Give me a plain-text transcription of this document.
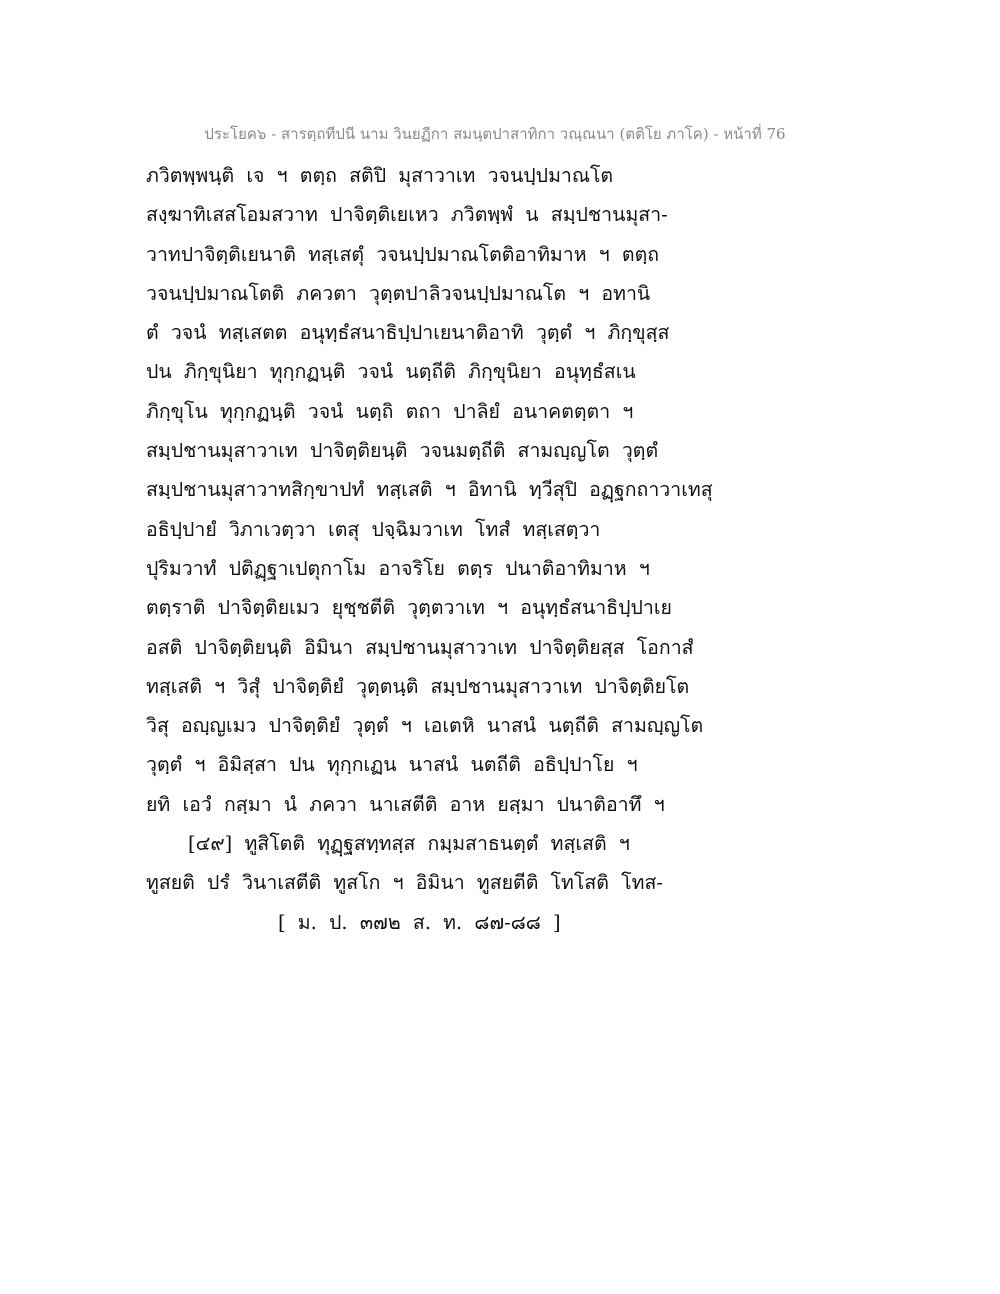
ประโยค๖ - สารตฺถทีปนี นาม วินยฏีกา สมนฺตปาสาทิกา วณฺณนา (ตติโย ภาโค) - หน้าที่ 76
ภวิตพฺพนฺติ เจ ฯ ตตฺถ สติปิ มุสาวาเท วจนปฺปมาณโต
สงฺฆาทิเสสโอมสวาท ปาจิตฺติเยเหว ภวิตพฺพํ น สมฺปชานมุสา-
วาทปาจิตฺติเยนาติ ทสฺเสตุํ วจนปฺปมาณโตติอาทิมาห ฯ ตตฺถ
วจนปฺปมาณโตติ ภควตา วุตฺตปาลิวจนปฺปมาณโต ฯ อทานิ
ตํ วจนํ ทสฺเสตต อนุทฺธํสนาธิปฺปาเยนาติอาทิ วุตฺตํ ฯ ภิกฺขุสฺส
ปน ภิกฺขุนิยา ทุกฺกฏนฺติ วจนํ นตฺถีติ ภิกฺขุนิยา อนุทฺธํสเน
ภิกฺขุโน ทุกฺกฏนฺติ วจนํ นตฺถิ ตถา ปาลิยํ อนาคตตฺตา ฯ
สมฺปชานมุสาวาเท ปาจิตฺติยนฺติ วจนมตฺถีติ สามญฺญโต วุตฺตํ
สมฺปชานมุสาวาทสิกฺขาปทํ ทสฺเสติ ฯ อิทานิ ทฺวีสุปิ อฏฺฐกถาวาเทสุ
อธิปฺปายํ วิภาเวตฺวา เตสุ ปจฺฉิมวาเท โทสํ ทสฺเสตฺวา
ปุริมวาทํ ปติฏฺฐาเปตุกาโม อาจริโย ตตฺร ปนาติอาทิมาห ฯ
ตตฺราติ ปาจิตฺติยเมว ยุชฺชตีติ วุตฺตวาเท ฯ อนุทฺธํสนาธิปฺปาเย
อสติ ปาจิตฺติยนฺติ อิมินา สมฺปชานมุสาวาเท ปาจิตฺติยสฺส โอกาสํ
ทสฺเสติ ฯ วิสุํ ปาจิตฺติยํ วุตฺตนฺติ สมฺปชานมุสาวาเท ปาจิตฺติยโต
วิสุ อญฺญเมว ปาจิตฺติยํ วุตฺตํ ฯ เอเตหิ นาสนํ นตฺถีติ สามญฺญโต
วุตฺตํ ฯ อิมิสฺสา ปน ทุกฺกเฏน นาสนํ นตถีติ อธิปฺปาโย ฯ
ยทิ เอวํ กสฺมา นํ ภควา นาเสตีติ อาห ยสฺมา ปนาติอาทึ ฯ
[๔๙] ทูสิโตติ ทุฏฺฐสทฺทสฺส กมฺมสาธนตฺตํ ทสฺเสติ ฯ
ทูสยติ ปรํ วินาเสตีติ ทูสโก ฯ อิมินา ทูสยตีติ โทโสติ โทส-
[ ม. ป. ๓๗๒ ส. ท. ๘๗-๘๘ ]
